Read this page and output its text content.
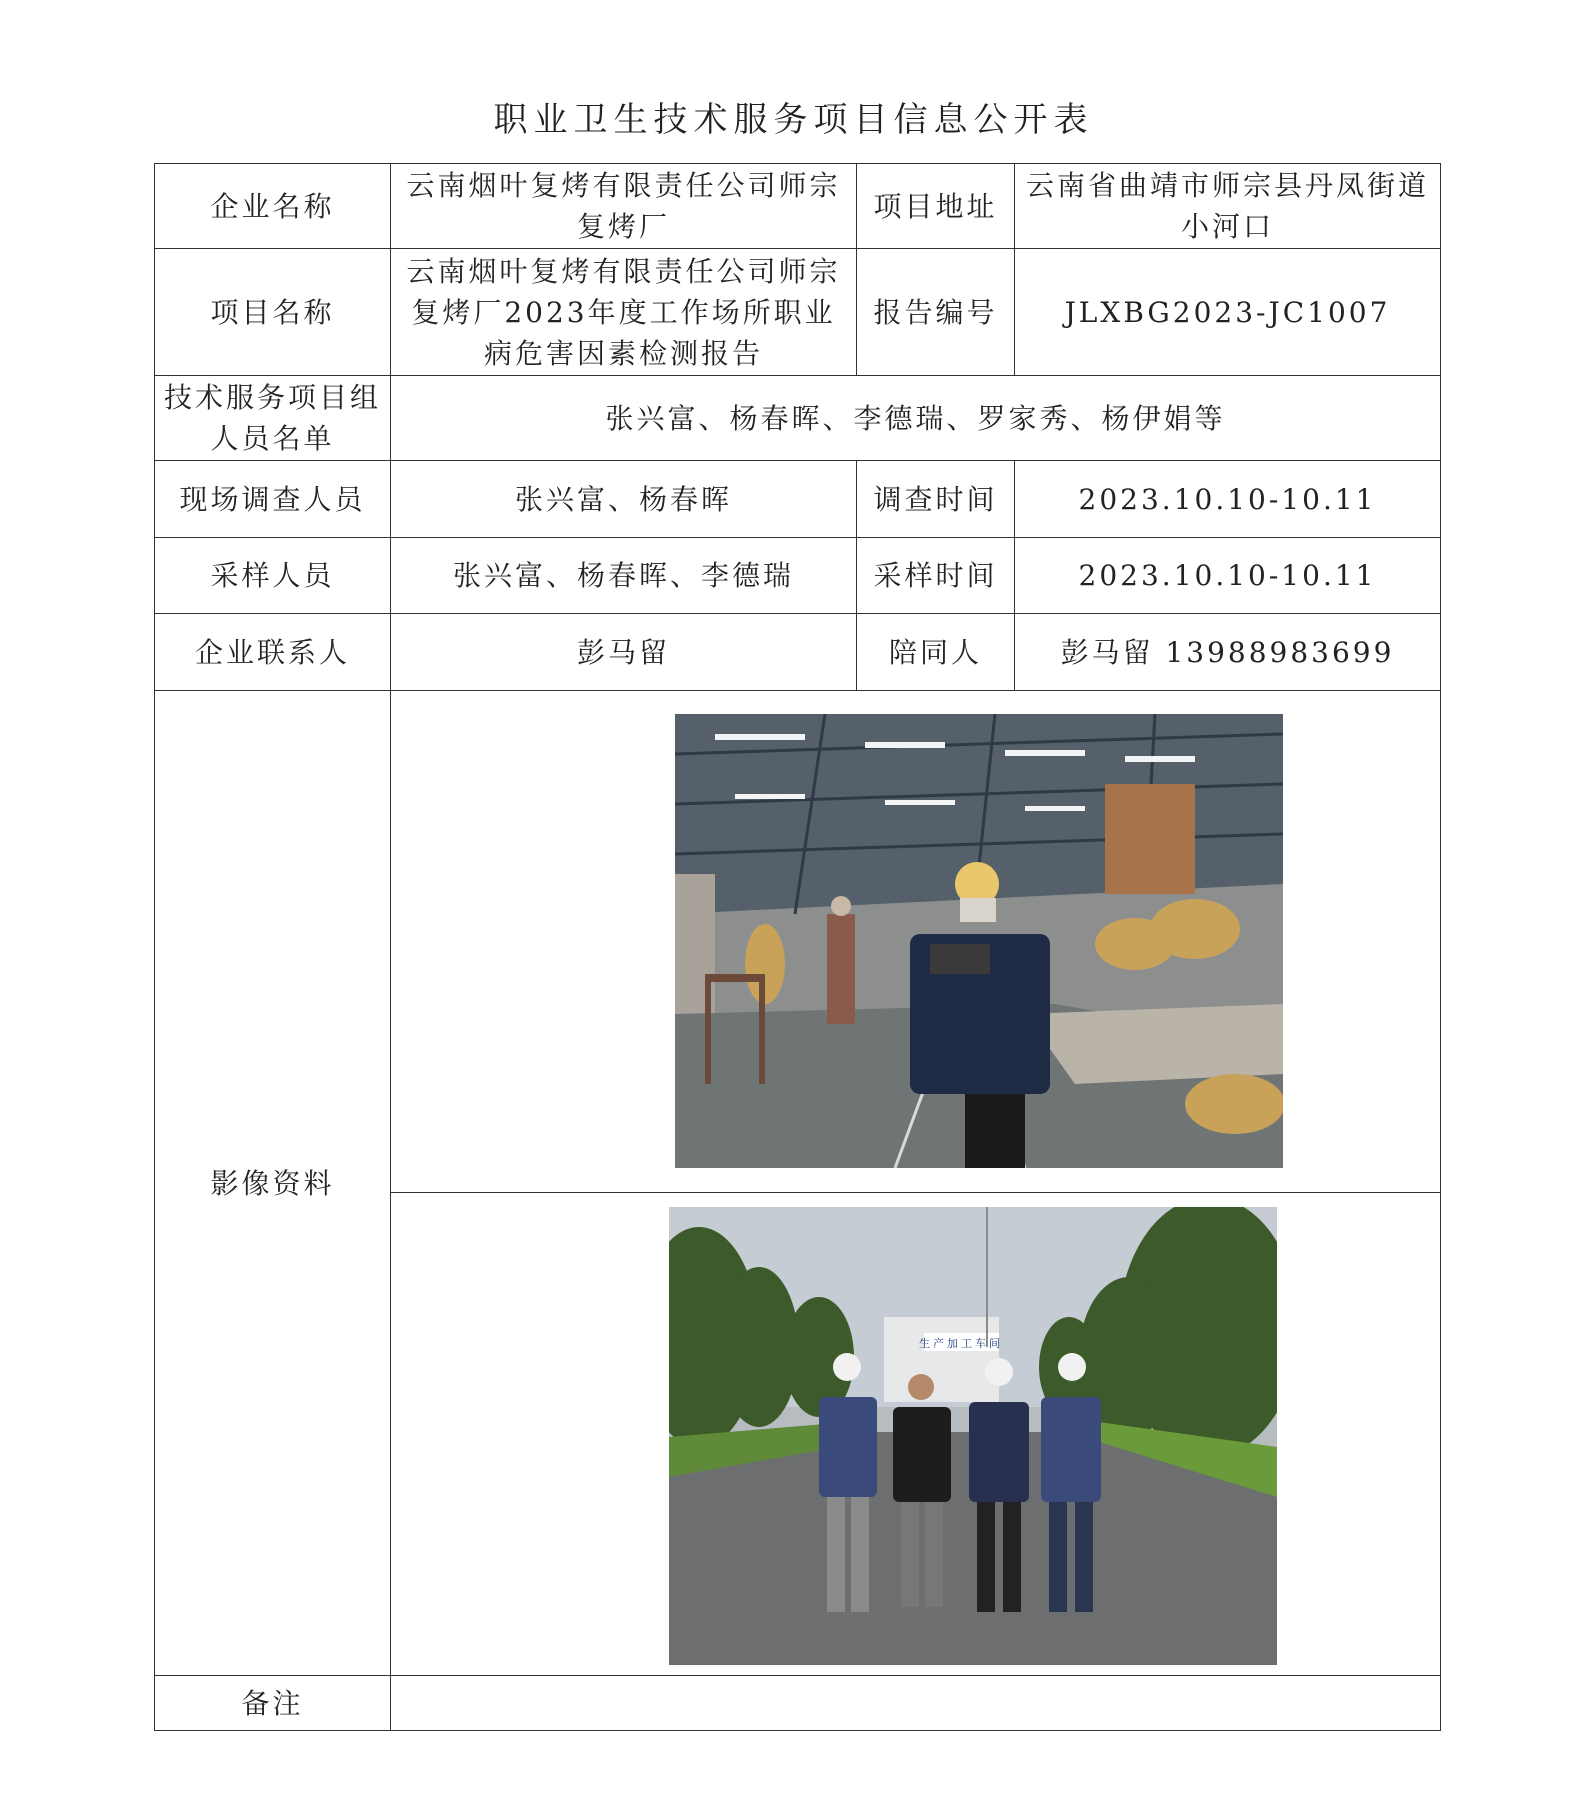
职业卫生技术服务项目信息公开表
企业名称	云南烟叶复烤有限责任公司师宗复烤厂	项目地址	云南省曲靖市师宗县丹凤街道小河口
项目名称	云南烟叶复烤有限责任公司师宗复烤厂2023年度工作场所职业病危害因素检测报告	报告编号	JLXBG2023-JC1007
技术服务项目组人员名单	张兴富、杨春晖、李德瑞、罗家秀、杨伊娟等		
现场调查人员	张兴富、杨春晖	调查时间	2023.10.10-10.11
采样人员	张兴富、杨春晖、李德瑞	采样时间	2023.10.10-10.11
企业联系人	彭马留	陪同人	彭马留 13988983699
影像资料	

生产加工车间		

备注			
